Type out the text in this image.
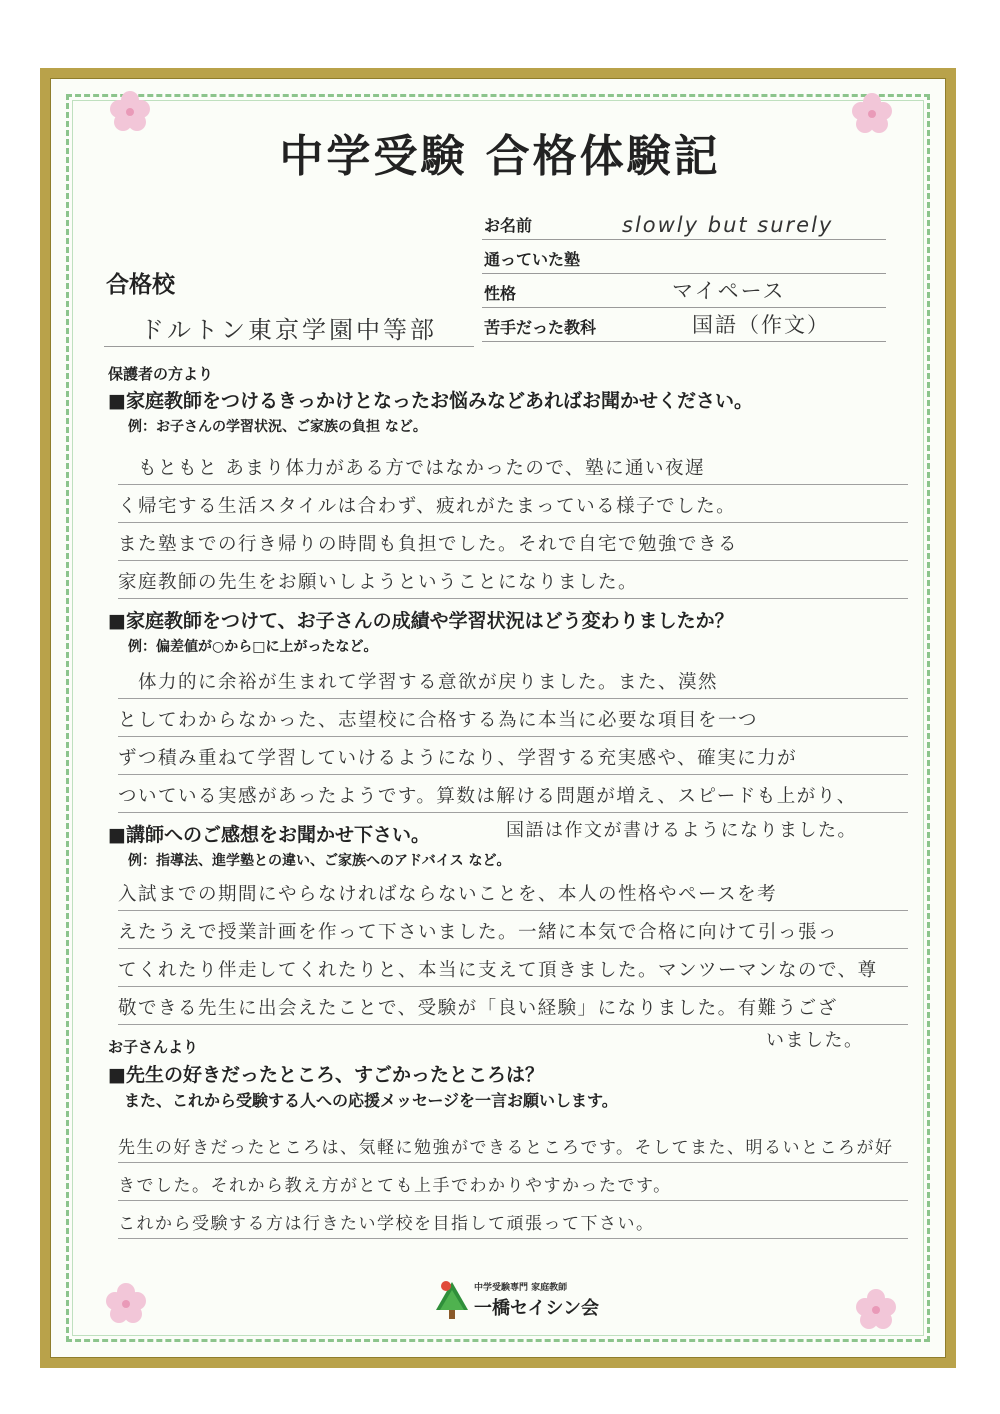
中学受験 合格体験記
お名前	slowly but surely
通っていた塾
性格	マイペース
苦手だった教科	国語（作文）
合格校
ドルトン東京学園中等部
保護者の方より
■家庭教師をつけるきっかけとなったお悩みなどあればお聞かせください。
例：お子さんの学習状況、ご家族の負担 など。
　もともと あまり体力がある方ではなかったので、塾に通い夜遅
く帰宅する生活スタイルは合わず、疲れがたまっている様子でした。
また塾までの行き帰りの時間も負担でした。それで自宅で勉強できる
家庭教師の先生をお願いしようということになりました。
■家庭教師をつけて、お子さんの成績や学習状況はどう変わりましたか？
例：偏差値が○から□に上がったなど。
　体力的に余裕が生まれて学習する意欲が戻りました。また、漠然
としてわからなかった、志望校に合格する為に本当に必要な項目を一つ
ずつ積み重ねて学習していけるようになり、学習する充実感や、確実に力が
ついている実感があったようです。算数は解ける問題が増え、スピードも上がり、
国語は作文が書けるようになりました。
■講師へのご感想をお聞かせ下さい。
例：指導法、進学塾との違い、ご家族へのアドバイス など。
入試までの期間にやらなければならないことを、本人の性格やペースを考
えたうえで授業計画を作って下さいました。一緒に本気で合格に向けて引っ張っ
てくれたり伴走してくれたりと、本当に支えて頂きました。マンツーマンなので、尊
敬できる先生に出会えたことで、受験が「良い経験」になりました。有難うござ
いました。
お子さんより
■先生の好きだったところ、すごかったところは？
また、これから受験する人への応援メッセージを一言お願いします。
先生の好きだったところは、気軽に勉強ができるところです。そしてまた、明るいところが好
きでした。それから教え方がとても上手でわかりやすかったです。
これから受験する方は行きたい学校を目指して頑張って下さい。
中学受験専門 家庭教師
一橋セイシン会
